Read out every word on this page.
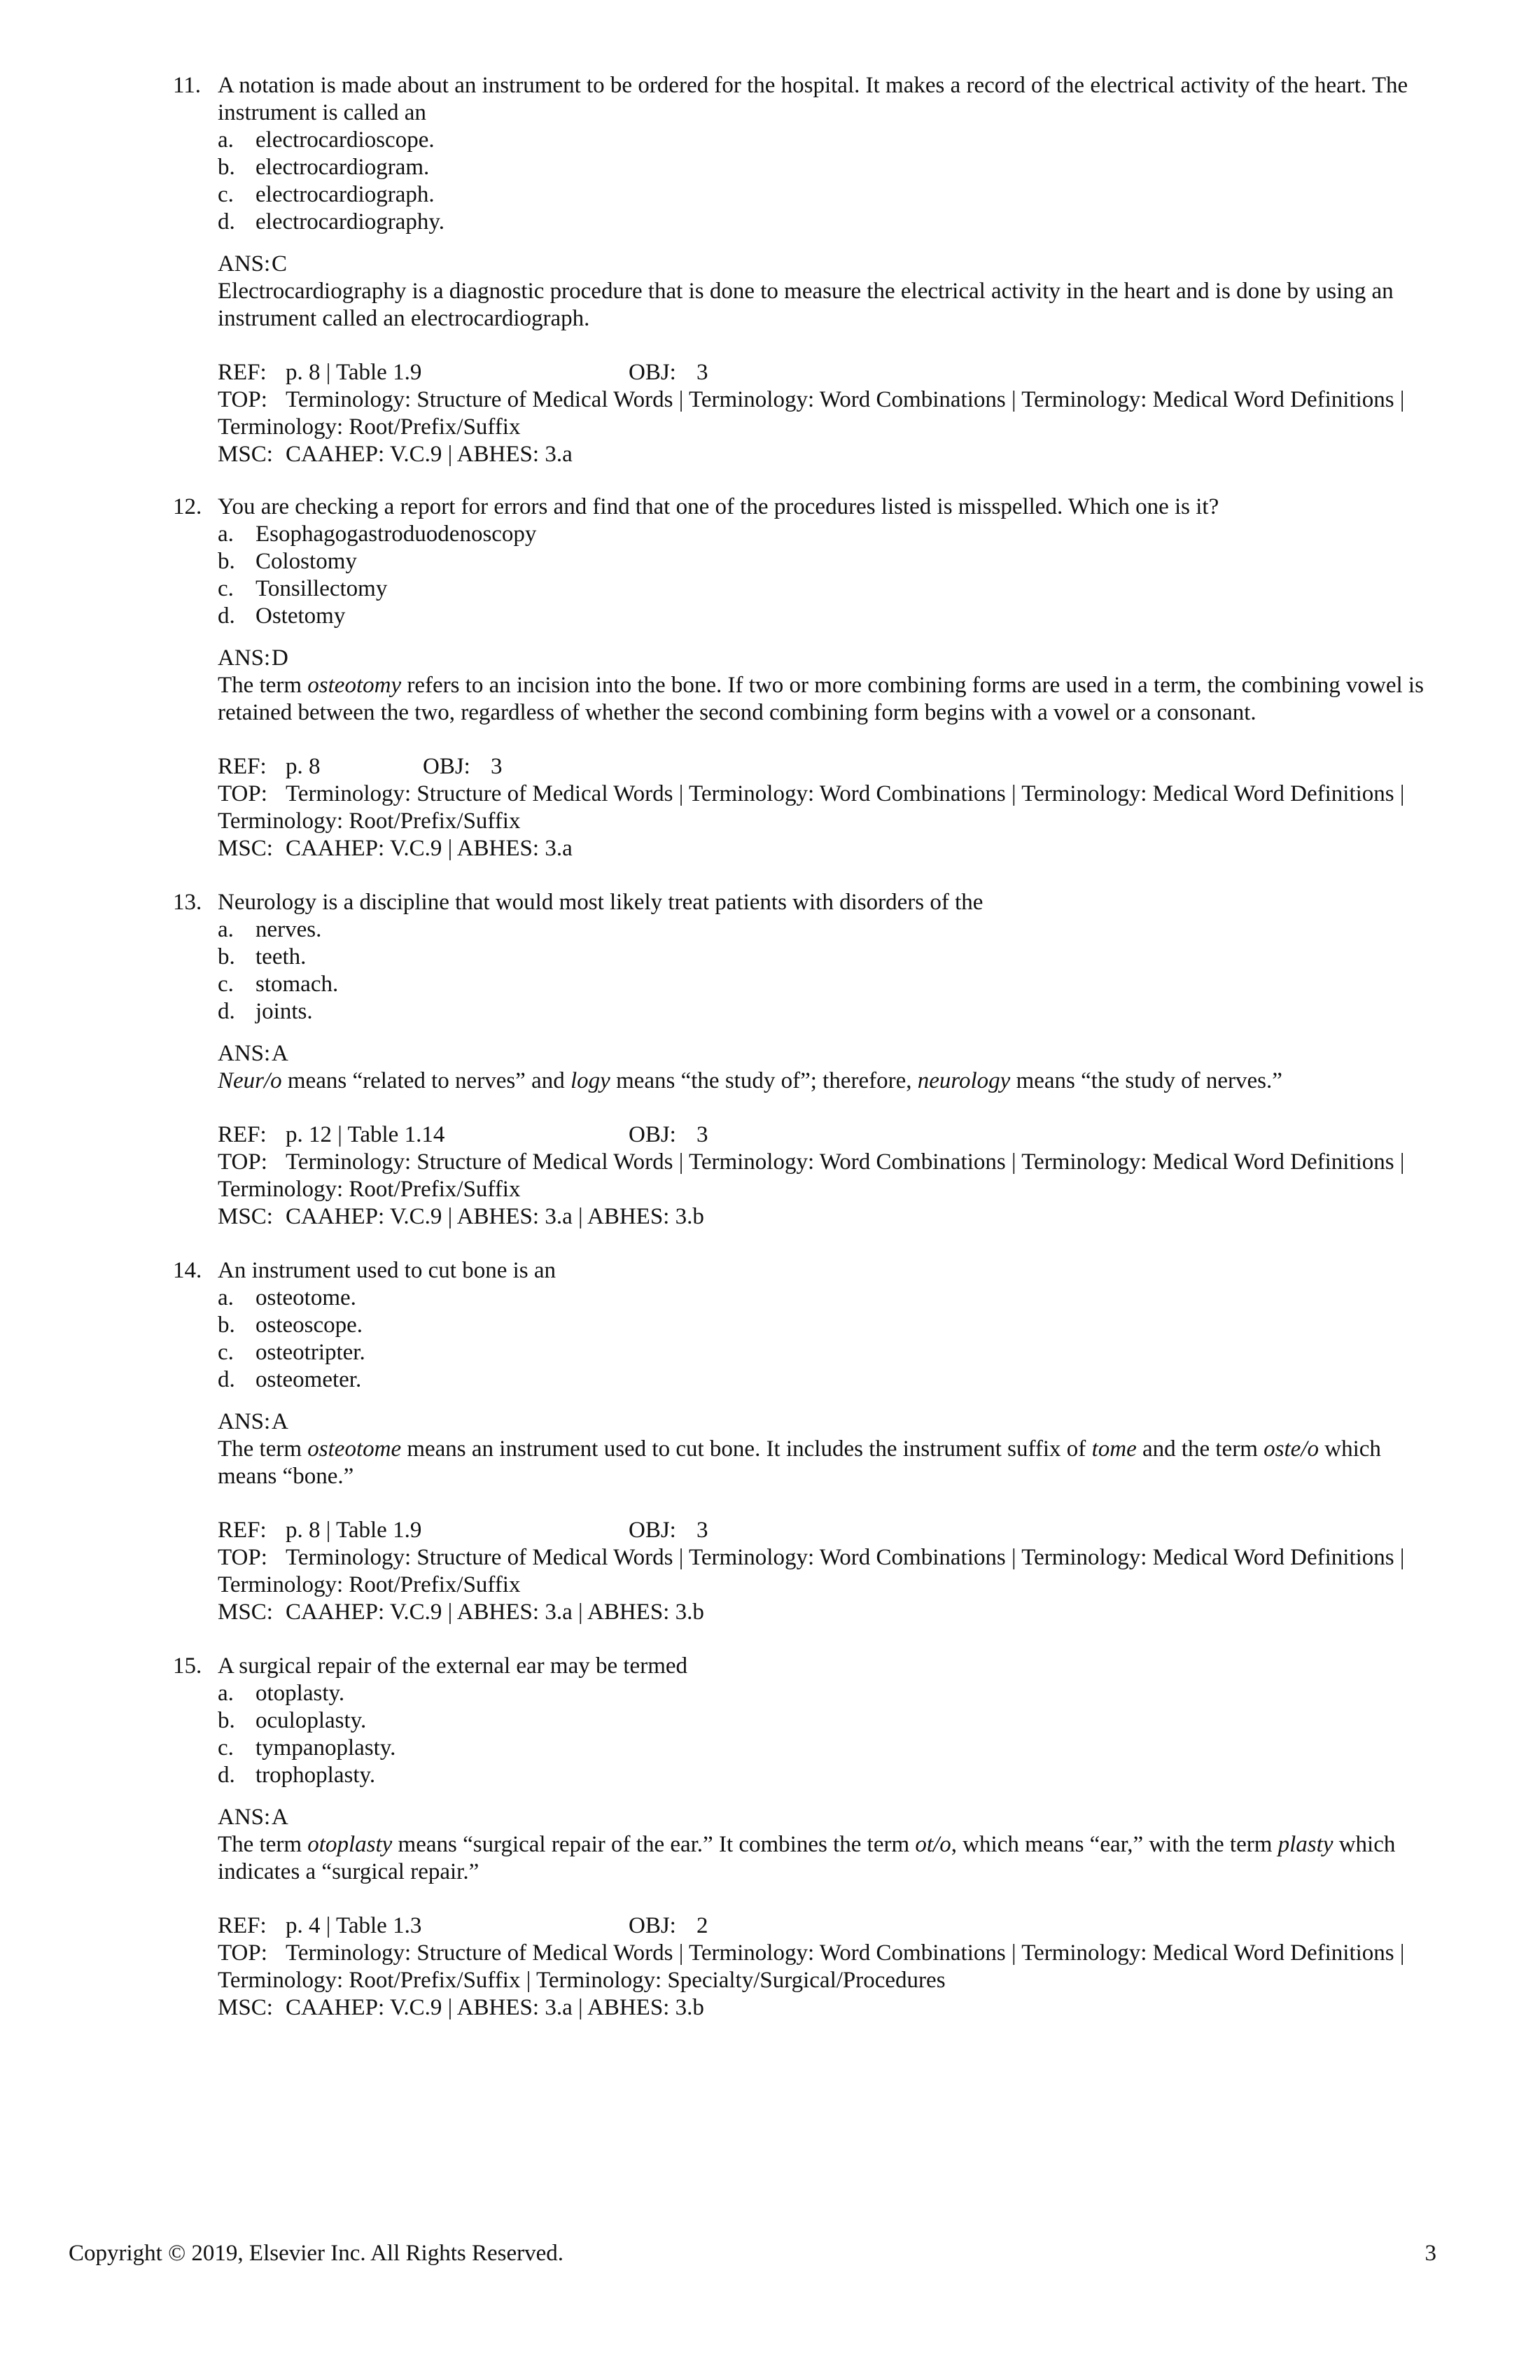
11. A notation is made about an instrument to be ordered for the hospital. It makes a record of the electrical activity of the heart. The instrument is called an
a. electrocardioscope.
b. electrocardiogram.
c. electrocardiograph.
d. electrocardiography.
ANS:C
Electrocardiography is a diagnostic procedure that is done to measure the electrical activity in the heart and is done by using an instrument called an electrocardiograph.
REF: p. 8 | Table 1.9	OBJ: 3
TOP: Terminology: Structure of Medical Words | Terminology: Word Combinations | Terminology: Medical Word Definitions | Terminology: Root/Prefix/Suffix
MSC: CAAHEP: V.C.9 | ABHES: 3.a
12. You are checking a report for errors and find that one of the procedures listed is misspelled. Which one is it?
a. Esophagogastroduodenoscopy
b. Colostomy
c. Tonsillectomy
d. Ostetomy
ANS:D
The term osteotomy refers to an incision into the bone. If two or more combining forms are used in a term, the combining vowel is retained between the two, regardless of whether the second combining form begins with a vowel or a consonant.
REF: p. 8	OBJ: 3
TOP: Terminology: Structure of Medical Words | Terminology: Word Combinations | Terminology: Medical Word Definitions | Terminology: Root/Prefix/Suffix
MSC: CAAHEP: V.C.9 | ABHES: 3.a
13. Neurology is a discipline that would most likely treat patients with disorders of the
a. nerves.
b. teeth.
c. stomach.
d. joints.
ANS:A
Neur/o means “related to nerves” and logy means “the study of”; therefore, neurology means “the study of nerves.”
REF: p. 12 | Table 1.14	OBJ: 3
TOP: Terminology: Structure of Medical Words | Terminology: Word Combinations | Terminology: Medical Word Definitions | Terminology: Root/Prefix/Suffix
MSC: CAAHEP: V.C.9 | ABHES: 3.a | ABHES: 3.b
14. An instrument used to cut bone is an
a. osteotome.
b. osteoscope.
c. osteotripter.
d. osteometer.
ANS:A
The term osteotome means an instrument used to cut bone. It includes the instrument suffix of tome and the term oste/o which means “bone.”
REF: p. 8 | Table 1.9	OBJ: 3
TOP: Terminology: Structure of Medical Words | Terminology: Word Combinations | Terminology: Medical Word Definitions | Terminology: Root/Prefix/Suffix
MSC: CAAHEP: V.C.9 | ABHES: 3.a | ABHES: 3.b
15. A surgical repair of the external ear may be termed
a. otoplasty.
b. oculoplasty.
c. tympanoplasty.
d. trophoplasty.
ANS:A
The term otoplasty means “surgical repair of the ear.” It combines the term ot/o, which means “ear,” with the term plasty which indicates a “surgical repair.”
REF: p. 4 | Table 1.3	OBJ: 2
TOP: Terminology: Structure of Medical Words | Terminology: Word Combinations | Terminology: Medical Word Definitions | Terminology: Root/Prefix/Suffix | Terminology: Specialty/Surgical/Procedures
MSC: CAAHEP: V.C.9 | ABHES: 3.a | ABHES: 3.b
Copyright © 2019, Elsevier Inc. All Rights Reserved.	3
